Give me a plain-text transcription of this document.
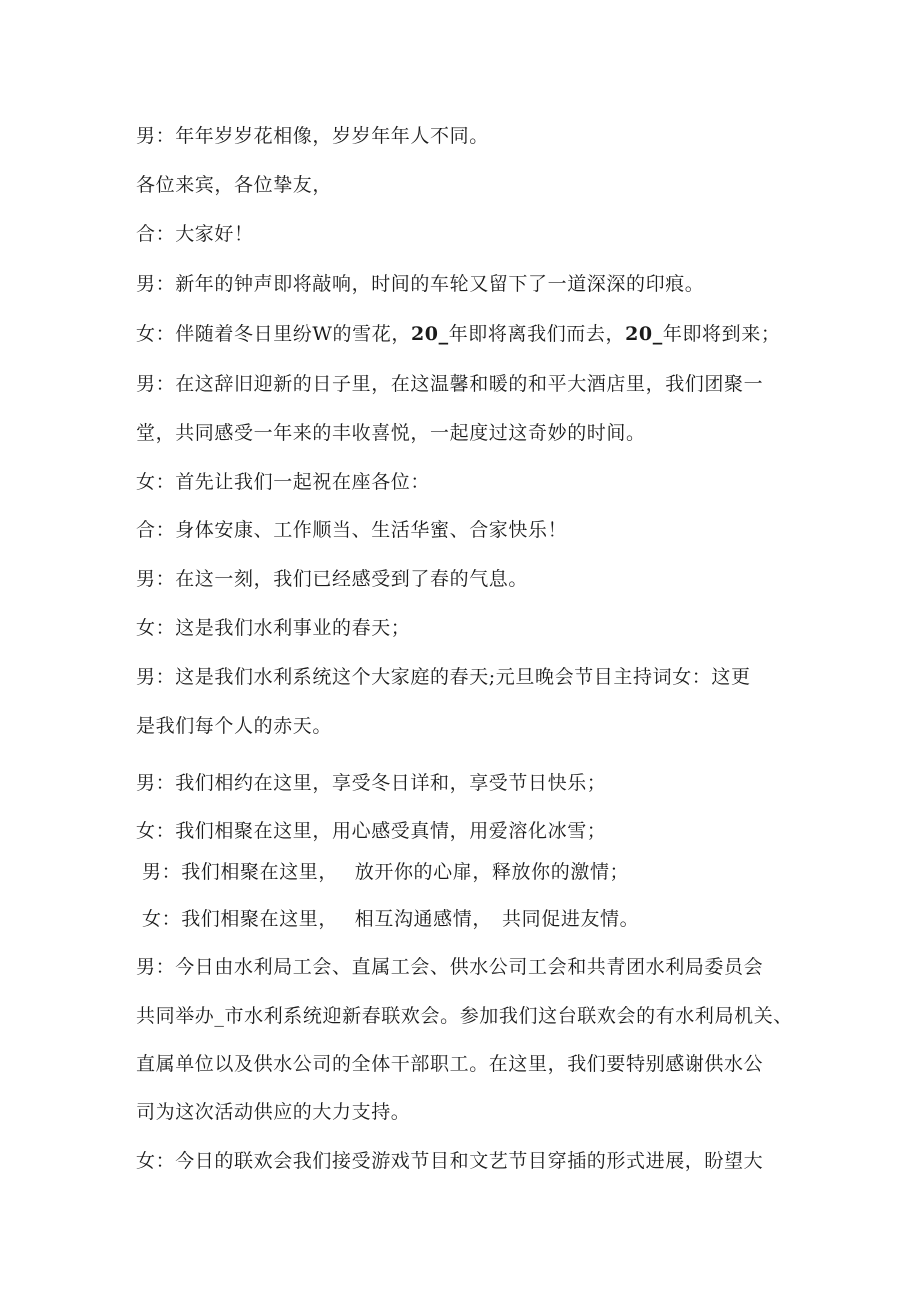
男：年年岁岁花相像，岁岁年年人不同。
各位来宾，各位挚友，
合：大家好！
男：新年的钟声即将敲响，时间的车轮又留下了一道深深的印痕。
女：伴随着冬日里纷W的雪花，20_年即将离我们而去，20_年即将到来；
男：在这辞旧迎新的日子里，在这温馨和暖的和平大酒店里，我们团聚一
堂，共同感受一年来的丰收喜悦，一起度过这奇妙的时间。
女：首先让我们一起祝在座各位：
合：身体安康、工作顺当、生活华蜜、合家快乐！
男：在这一刻，我们已经感受到了春的气息。
女：这是我们水利事业的春天；
男：这是我们水利系统这个大家庭的春天;元旦晚会节目主持词女：这更
是我们每个人的赤天。
男：我们相约在这里，享受冬日详和，享受节日快乐；
女：我们相聚在这里，用心感受真情，用爱溶化冰雪；
男：我们相聚在这里，　 放开你的心扉，释放你的激情；
女：我们相聚在这里，　 相互沟通感情，　共同促进友情。
男：今日由水利局工会、直属工会、供水公司工会和共青团水利局委员会
共同举办_市水利系统迎新春联欢会。参加我们这台联欢会的有水利局机关、
直属单位以及供水公司的全体干部职工。在这里，我们要特别感谢供水公
司为这次活动供应的大力支持。
女：今日的联欢会我们接受游戏节目和文艺节目穿插的形式进展，盼望大
